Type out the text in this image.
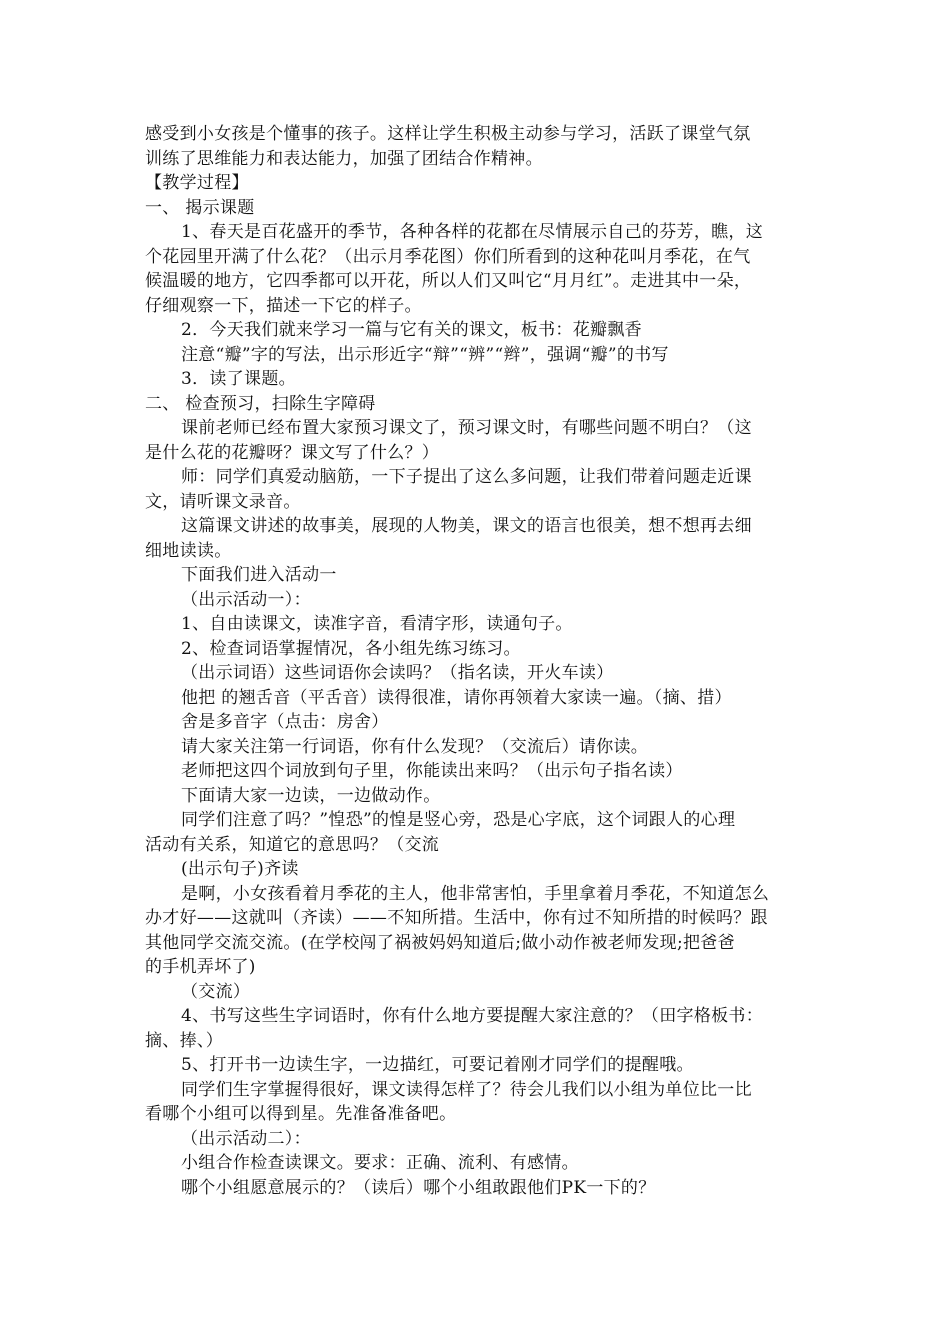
感受到小女孩是个懂事的孩子。这样让学生积极主动参与学习，活跃了课堂气氛
训练了思维能力和表达能力，加强了团结合作精神。
【教学过程】
一、 揭示课题
1、春天是百花盛开的季节，各种各样的花都在尽情展示自己的芬芳，瞧，这
个花园里开满了什么花？（出示月季花图）你们所看到的这种花叫月季花，在气
候温暖的地方，它四季都可以开花，所以人们又叫它“月月红”。走进其中一朵，
仔细观察一下，描述一下它的样子。
2．今天我们就来学习一篇与它有关的课文，板书：花瓣飘香
注意“瓣”字的写法，出示形近字“辩”“辨”“辫”，强调“瓣”的书写
3．读了课题。
二、 检查预习，扫除生字障碍
课前老师已经布置大家预习课文了，预习课文时，有哪些问题不明白？（这
是什么花的花瓣呀？课文写了什么？）
师：同学们真爱动脑筋，一下子提出了这么多问题，让我们带着问题走近课
文，请听课文录音。
这篇课文讲述的故事美，展现的人物美，课文的语言也很美，想不想再去细
细地读读。
下面我们进入活动一
（出示活动一）：
1、自由读课文，读准字音，看清字形，读通句子。
2、检查词语掌握情况，各小组先练习练习。
（出示词语）这些词语你会读吗？（指名读，开火车读）
他把 的翘舌音（平舌音）读得很准，请你再领着大家读一遍。（摘、措）
舍是多音字（点击：房舍）
请大家关注第一行词语，你有什么发现？（交流后）请你读。
老师把这四个词放到句子里，你能读出来吗？（出示句子指名读）
下面请大家一边读，一边做动作。
同学们注意了吗？”惶恐”的惶是竖心旁，恐是心字底，这个词跟人的心理
活动有关系，知道它的意思吗？（交流
(出示句子)齐读
是啊，小女孩看着月季花的主人，他非常害怕，手里拿着月季花，不知道怎么
办才好——这就叫（齐读）——不知所措。生活中，你有过不知所措的时候吗？跟
其他同学交流交流。(在学校闯了祸被妈妈知道后;做小动作被老师发现;把爸爸
的手机弄坏了)
（交流）
4、书写这些生字词语时，你有什么地方要提醒大家注意的？（田字格板书：
摘、捧、）
5、打开书一边读生字，一边描红，可要记着刚才同学们的提醒哦。
同学们生字掌握得很好，课文读得怎样了？待会儿我们以小组为单位比一比
看哪个小组可以得到星。先准备准备吧。
（出示活动二）：
小组合作检查读课文。要求：正确、流利、有感情。
哪个小组愿意展示的？（读后）哪个小组敢跟他们PK一下的？
